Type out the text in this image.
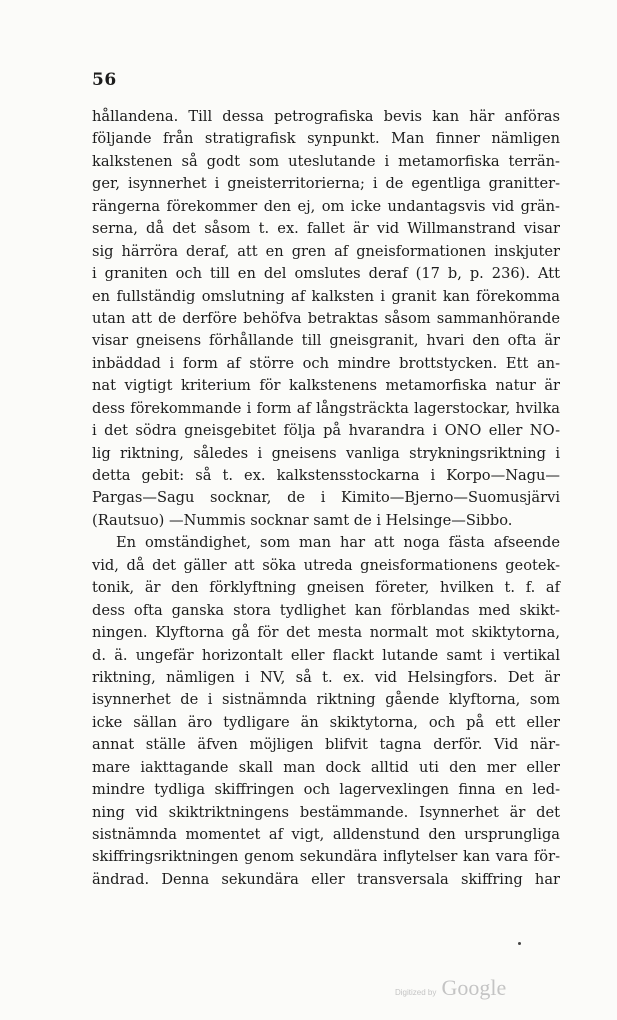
56
hållandena. Till dessa petrografiska bevis kan här anföras
följande från stratigrafisk synpunkt. Man finner nämligen
kalkstenen så godt som uteslutande i metamorfiska terrän-
ger, isynnerhet i gneisterritorierna; i de egentliga granitter-
rängerna förekommer den ej, om icke undantagsvis vid grän-
serna, då det såsom t. ex. fallet är vid Willmanstrand visar
sig härröra deraf, att en gren af gneisformationen inskjuter
i graniten och till en del omslutes deraf (17 b, p. 236). Att
en fullständig omslutning af kalksten i granit kan förekomma
utan att de derföre behöfva betraktas såsom sammanhörande
visar gneisens förhållande till gneisgranit, hvari den ofta är
inbäddad i form af större och mindre brottstycken. Ett an-
nat vigtigt kriterium för kalkstenens metamorfiska natur är
dess förekommande i form af långsträckta lagerstockar, hvilka
i det södra gneisgebitet följa på hvarandra i ONO eller NO-
lig riktning, således i gneisens vanliga strykningsriktning i
detta gebit: så t. ex. kalkstensstockarna i Korpo—Nagu—
Pargas—Sagu socknar, de i Kimito—Bjerno—Suomusjärvi
(Rautsuo) —Nummis socknar samt de i Helsinge—Sibbo.
En omständighet, som man har att noga fästa afseende
vid, då det gäller att söka utreda gneisformationens geotek-
tonik, är den förklyftning gneisen företer, hvilken t. f. af
dess ofta ganska stora tydlighet kan förblandas med skikt-
ningen. Klyftorna gå för det mesta normalt mot skiktytorna,
d. ä. ungefär horizontalt eller flackt lutande samt i vertikal
riktning, nämligen i NV, så t. ex. vid Helsingfors. Det är
isynnerhet de i sistnämnda riktning gående klyftorna, som
icke sällan äro tydligare än skiktytorna, och på ett eller
annat ställe äfven möjligen blifvit tagna derför. Vid när-
mare iakttagande skall man dock alltid uti den mer eller
mindre tydliga skiffringen och lagervexlingen finna en led-
ning vid skiktriktningens bestämmande. Isynnerhet är det
sistnämnda momentet af vigt, alldenstund den ursprungliga
skiffringsriktningen genom sekundära inflytelser kan vara för-
ändrad. Denna sekundära eller transversala skiffring har
Digitized by Google
